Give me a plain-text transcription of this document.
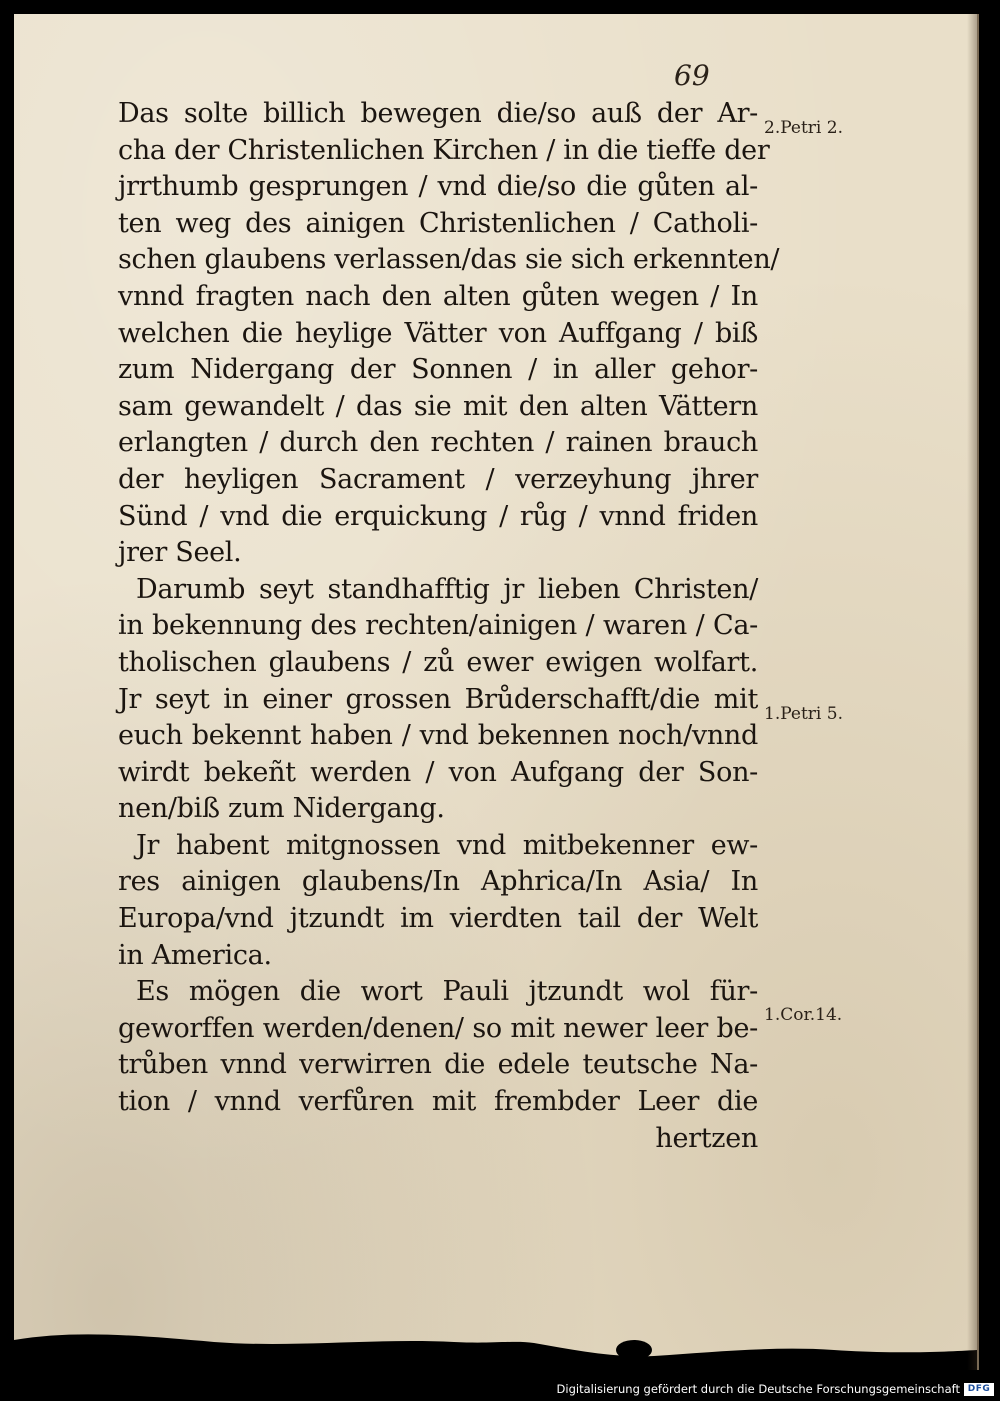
69
Das solte billich bewegen die/so auß der Ar-
cha der Christenlichen Kirchen / in die tieffe der
jrrthumb gesprungen / vnd die/so die gůten al-
ten weg des ainigen Christenlichen / Catholi-
schen glaubens verlassen/das sie sich erkennten/
vnnd fragten nach den alten gůten wegen / In
welchen die heylige Vätter von Auffgang / biß
zum Nidergang der Sonnen / in aller gehor-
sam gewandelt / das sie mit den alten Vättern
erlangten / durch den rechten / rainen brauch
der heyligen Sacrament / verzeyhung jhrer
Sünd / vnd die erquickung / růg / vnnd friden
jrer Seel.
Darumb seyt standhafftig jr lieben Christen/
in bekennung des rechten/ainigen / waren / Ca-
tholischen glaubens / zů ewer ewigen wolfart.
Jr seyt in einer grossen Brůderschafft/die mit
euch bekennt haben / vnd bekennen noch/vnnd
wirdt bekeñt werden / von Aufgang der Son-
nen/biß zum Nidergang.
Jr habent mitgnossen vnd mitbekenner ew-
res ainigen glaubens/In Aphrica/In Asia/ In
Europa/vnd jtzundt im vierdten tail der Welt
in America.
Es mögen die wort Pauli jtzundt wol für-
geworffen werden/denen/ so mit newer leer be-
trůben vnnd verwirren die edele teutsche Na-
tion / vnnd verfůren mit frembder Leer die
hertzen
2.Petri 2.
1.Petri 5.
1.Cor.14.
Digitalisierung gefördert durch die Deutsche Forschungsgemeinschaft DFG
